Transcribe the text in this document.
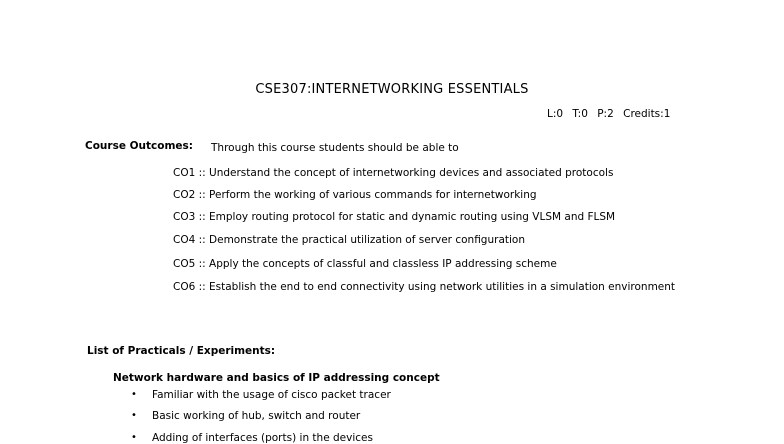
CSE307:INTERNETWORKING ESSENTIALS
L:0 T:0 P:2 Credits:1
Course Outcomes: Through this course students should be able to
CO1 :: Understand the concept of internetworking devices and associated protocols
CO2 :: Perform the working of various commands for internetworking
CO3 :: Employ routing protocol for static and dynamic routing using VLSM and FLSM
CO4 :: Demonstrate the practical utilization of server configuration
CO5 :: Apply the concepts of classful and classless IP addressing scheme
CO6 :: Establish the end to end connectivity using network utilities in a simulation environment
List of Practicals / Experiments:
Network hardware and basics of IP addressing concept
• Familiar with the usage of cisco packet tracer
• Basic working of hub, switch and router
• Adding of interfaces (ports) in the devices
